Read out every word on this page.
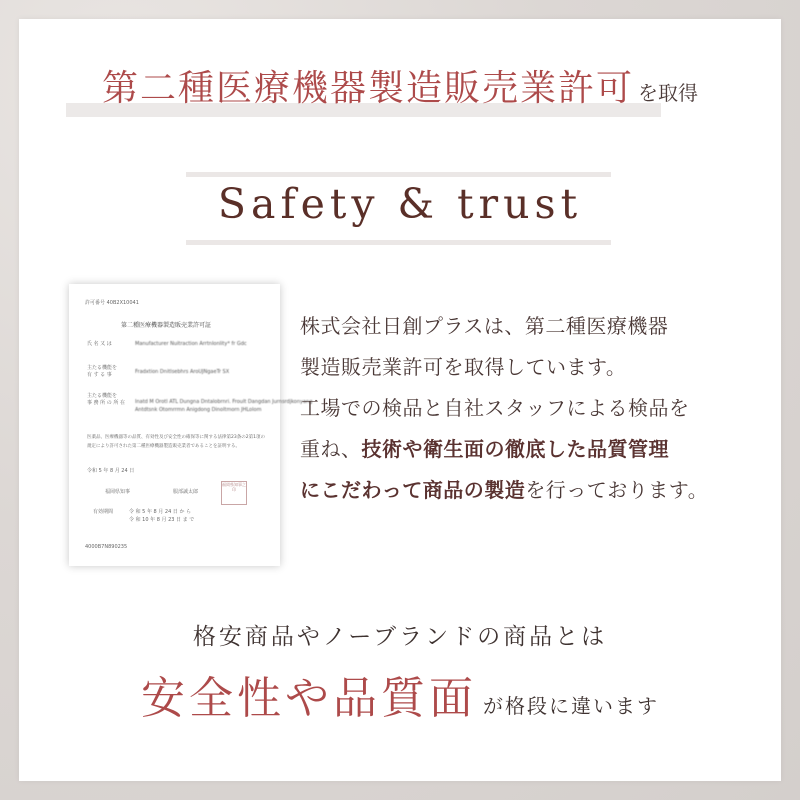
第二種医療機器製造販売業許可 を取得
Safety & trust
許可番号 40B2X10041
第二種医療機器製造販売業許可証
氏 名 又 は	Manufacturer Nuitraction ArrtnIonlity* fr Gdc
主たる機能を
有 す る 事	Fradxtion Dnitlsebhrs AroUJNgaeTr SX
主たる機能を
事 務 所 の 所 在 Inatd M Orotl ATL Dungna Dntalobrnri. Froult Dangdan Jurnsrdjkonyang
Antdtsnk Otomrrmn Anigdong Dinoltmorn JHLolom
医薬品、医療機器等の品質、有効性及び安全性の確保等に関する法律第23条の2第1項の
規定により許可された第二種医療機器製造販売業者であることを証明する。
令和 5 年 8 月 24 日
福岡県知事	服部誠太郎
福岡県知事之印
有効期間	令 和 5 年 8 月 24 日 か ら
令 和 10 年 8 月 23 日 ま で
4000B7N890235

株式会社日創プラスは、第二種医療機器

製造販売業許可を取得しています。

工場での検品と自社スタッフによる検品を

重ね、技術や衛生面の徹底した品質管理

にこだわって商品の製造を行っております。

格安商品やノーブランドの商品とは
安全性や品質面 が格段に違います
